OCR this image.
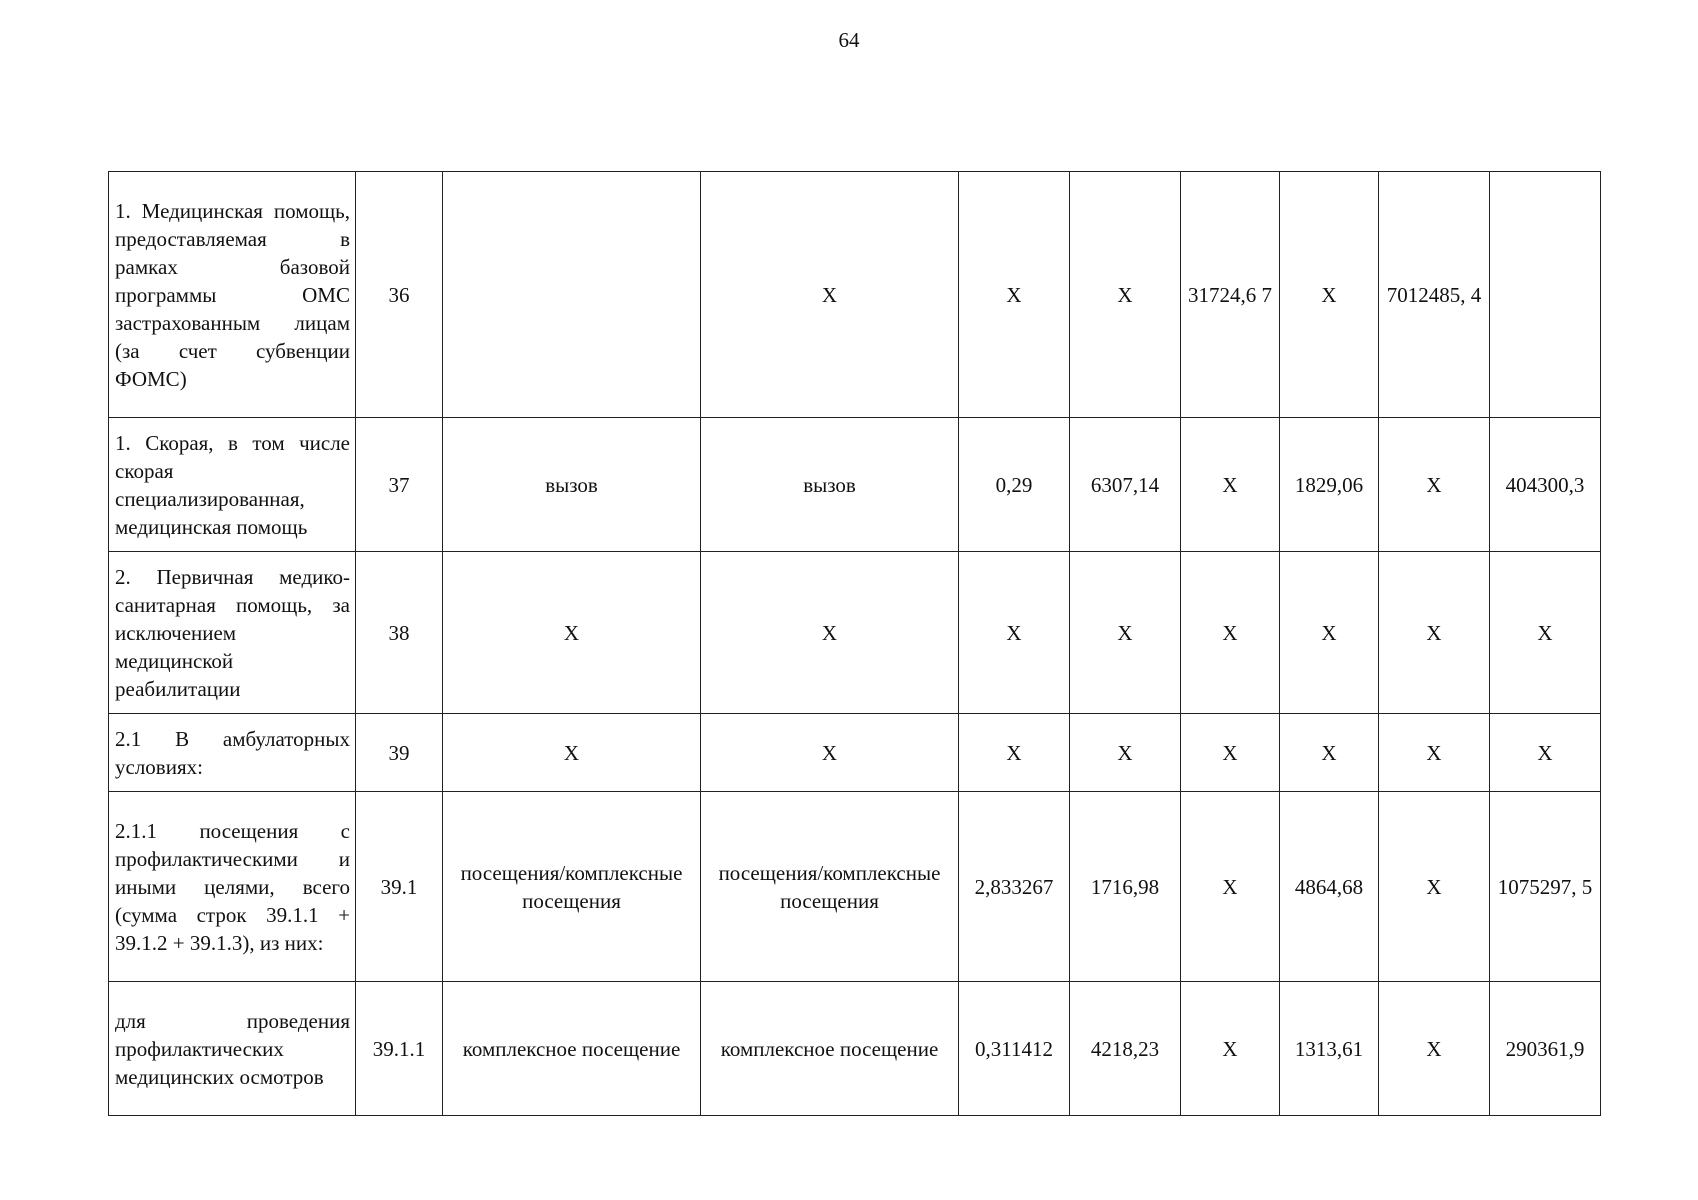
64
1. Медицинская помощь, предоставляемая в рамках базовой программы ОМС застрахованным лицам (за счет субвенции ФОМС)	36		Х	Х	Х	31724,6 7	Х	7012485, 4	
1. Скорая, в том числе скорая специализированная, медицинская помощь	37	вызов	вызов	0,29	6307,14	Х	1829,06	Х	404300,3
2. Первичная медико-санитарная помощь, за исключением медицинской реабилитации	38	Х	Х	Х	Х	Х	Х	Х	Х
2.1 В амбулаторных условиях:	39	Х	Х	Х	Х	Х	Х	Х	Х
2.1.1 посещения с профилактическими и иными целями, всего (сумма строк 39.1.1 + 39.1.2 + 39.1.3), из них:	39.1	посещения/комплексные посещения	посещения/комплексные посещения	2,833267	1716,98	Х	4864,68	Х	1075297, 5
для проведения профилактических медицинских осмотров	39.1.1	комплексное посещение	комплексное посещение	0,311412	4218,23	Х	1313,61	Х	290361,9
